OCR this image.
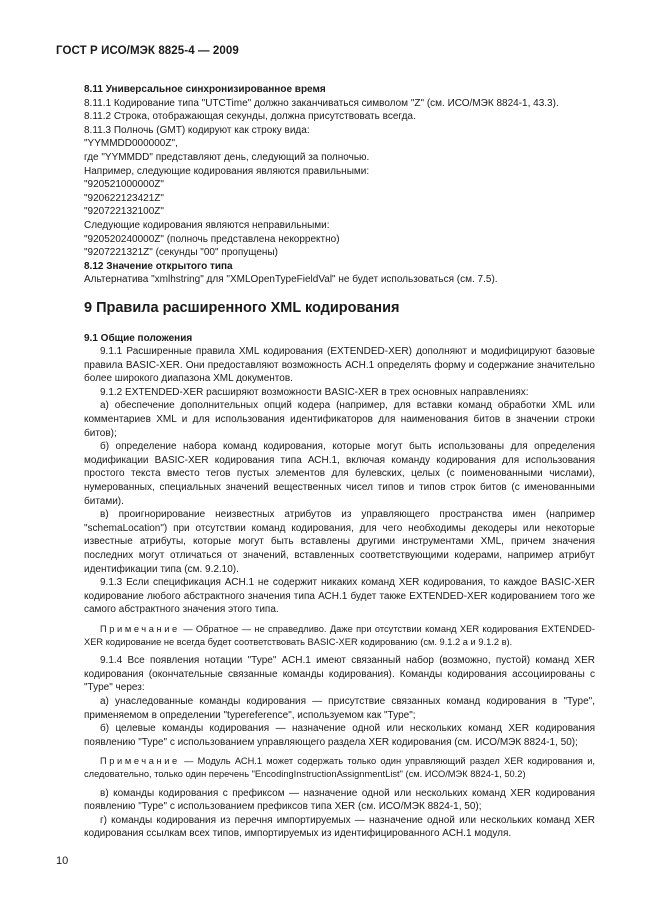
ГОСТ Р ИСО/МЭК 8825-4 — 2009

8.11 Универсальное синхронизированное время

8.11.1 Кодирование типа "UTCTime" должно заканчиваться символом "Z" (см. ИСО/МЭК 8824-1, 43.3).

8.11.2 Строка, отображающая секунды, должна присутствовать всегда.

8.11.3 Полночь (GMT) кодируют как строку вида:

"YYMMDD000000Z",

где "YYMMDD" представляют день, следующий за полночью.

Например, следующие кодирования являются правильными:

"920521000000Z"

"920622123421Z"

"920722132100Z"

Следующие кодирования являются неправильными:

"920520240000Z" (полночь представлена некорректно)

"9207221321Z" (секунды "00" пропущены)

8.12 Значение открытого типа

Альтернатива "xmlhstring" для "XMLOpenTypeFieldVal" не будет использоваться (см. 7.5).

9 Правила расширенного XML кодирования

9.1 Общие положения

9.1.1 Расширенные правила XML кодирования (EXTENDED-XER) дополняют и модифицируют базовые правила BASIC-XER. Они предоставляют возможность АСН.1 определять форму и содержание значительно более широкого диапазона XML документов.

9.1.2 EXTENDED-XER расширяют возможности BASIC-XER в трех основных направлениях:

а) обеспечение дополнительных опций кодера (например, для вставки команд обработки XML или комментариев XML и для использования идентификаторов для наименования битов в значении строки битов);

б) определение набора команд кодирования, которые могут быть использованы для определения модификации BASIC-XER кодирования типа АСН.1, включая команду кодирования для использования простого текста вместо тегов пустых элементов для булевских, целых (с поименованными числами), нумерованных, специальных значений вещественных чисел типов и типов строк битов (с именованными битами).

в) проигнорирование неизвестных атрибутов из управляющего пространства имен (например "schemaLocation") при отсутствии команд кодирования, для чего необходимы декодеры или некоторые известные атрибуты, которые могут быть вставлены другими инструментами XML, причем значения последних могут отличаться от значений, вставленных соответствующими кодерами, например атрибут идентификации типа (см. 9.2.10).

9.1.3 Если спецификация АСН.1 не содержит никаких команд XER кодирования, то каждое BASIC-XER кодирование любого абстрактного значения типа АСН.1 будет также EXTENDED-XER кодированием того же самого абстрактного значения этого типа.

Примечание — Обратное — не справедливо. Даже при отсутствии команд XER кодирования EXTENDED-XER кодирование не всегда будет соответствовать BASIC-XER кодированию (см. 9.1.2 а и 9.1.2 в).

9.1.4 Все появления нотации "Type" АСН.1 имеют связанный набор (возможно, пустой) команд XER кодирования (окончательные связанные команды кодирования). Команды кодирования ассоциированы с "Type" через:

а) унаследованные команды кодирования — присутствие связанных команд кодирования в "Type", применяемом в определении "typereference", используемом как "Type";

б) целевые команды кодирования — назначение одной или нескольких команд XER кодирования появлению "Type" с использованием управляющего раздела XER кодирования (см. ИСО/МЭК 8824-1, 50);

Примечание — Модуль АСН.1 может содержать только один управляющий раздел XER кодирования и, следовательно, только один перечень "EncodingInstructionAssignmentList" (см. ИСО/МЭК 8824-1, 50.2)

в) команды кодирования с префиксом — назначение одной или нескольких команд XER кодирования появлению "Type" с использованием префиксов типа XER (см. ИСО/МЭК 8824-1, 50);

г) команды кодирования из перечня импортируемых — назначение одной или нескольких команд XER кодирования ссылкам всех типов, импортируемых из идентифицированного АСН.1 модуля.

10
